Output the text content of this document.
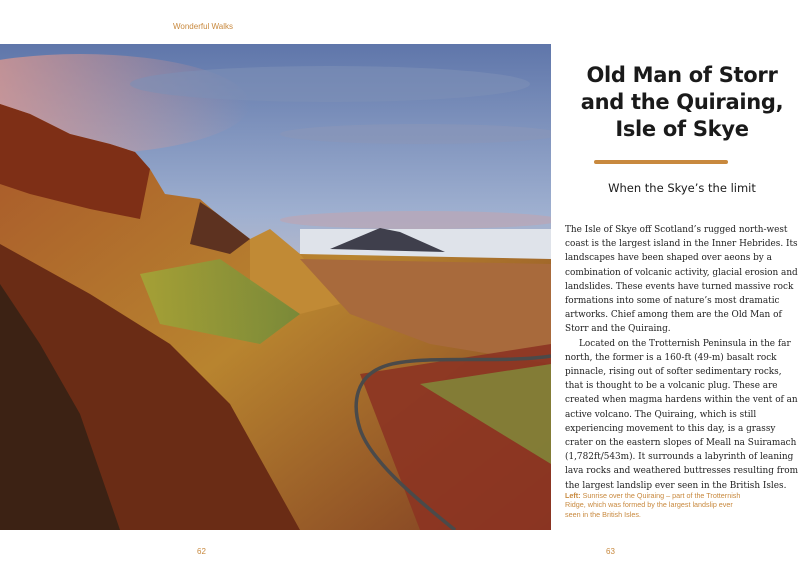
Wonderful Walks
Old Man of Storr
and the Quiraing,
Isle of Skye
When the Skye’s the limit

The Isle of Skye off Scotland’s rugged north-west coast is the largest island in the Inner Hebrides. Its landscapes have been shaped over aeons by a combination of volcanic activity, glacial erosion and landslides. These events have turned massive rock formations into some of nature’s most dramatic artworks. Chief among them are the Old Man of Storr and the Quiraing.

Located on the Trotternish Peninsula in the far north, the former is a 160-ft (49-m) basalt rock pinnacle, rising out of softer sedimentary rocks, that is thought to be a volcanic plug. These are created when magma hardens within the vent of an active volcano. The Quiraing, which is still experiencing movement to this day, is a grassy crater on the eastern slopes of Meall na Suiramach (1,782ft/543m). It surrounds a labyrinth of leaning lava rocks and weathered buttresses resulting from the largest landslip ever seen in the British Isles.

Left: Sunrise over the Quiraing – part of the Trotternish Ridge, which was formed by the largest landslip ever seen in the British Isles.
62	63
